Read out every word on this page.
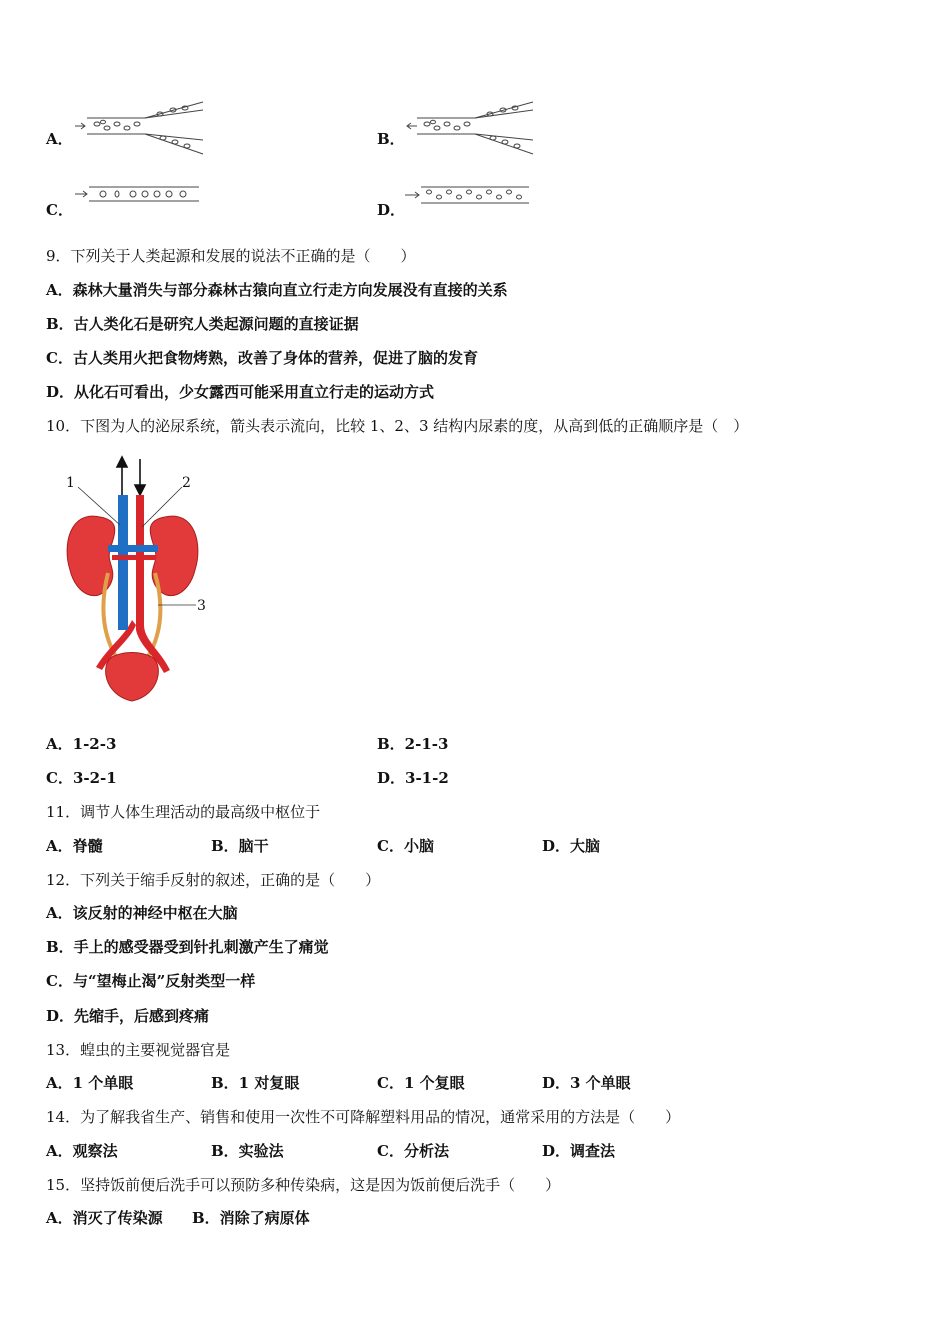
A．	B．
C．	D．
9．下列关于人类起源和发展的说法不正确的是（　　）
A．森林大量消失与部分森林古猿向直立行走方向发展没有直接的关系
B．古人类化石是研究人类起源问题的直接证据
C．古人类用火把食物烤熟，改善了身体的营养，促进了脑的发育
D．从化石可看出，少女露西可能采用直立行走的运动方式
10．下图为人的泌尿系统，箭头表示流向，比较 1、2、3 结构内尿素的度，从高到低的正确顺序是（　）
1	2
3
A．1-2-3	B．2-1-3
C．3-2-1	D．3-1-2
11．调节人体生理活动的最高级中枢位于
A．脊髓	B．脑干	C．小脑	D．大脑
12．下列关于缩手反射的叙述，正确的是（　　）
A．该反射的神经中枢在大脑
B．手上的感受器受到针扎刺激产生了痛觉
C．与“望梅止渴”反射类型一样
D．先缩手，后感到疼痛
13．蝗虫的主要视觉器官是
A．1 个单眼	B．1 对复眼	C．1 个复眼	D．3 个单眼
14．为了解我省生产、销售和使用一次性不可降解塑料用品的情况，通常采用的方法是（　　）
A．观察法	B．实验法	C．分析法	D．调查法
15．坚持饭前便后洗手可以预防多种传染病，这是因为饭前便后洗手（　　）
A．消灭了传染源 B．消除了病原体
